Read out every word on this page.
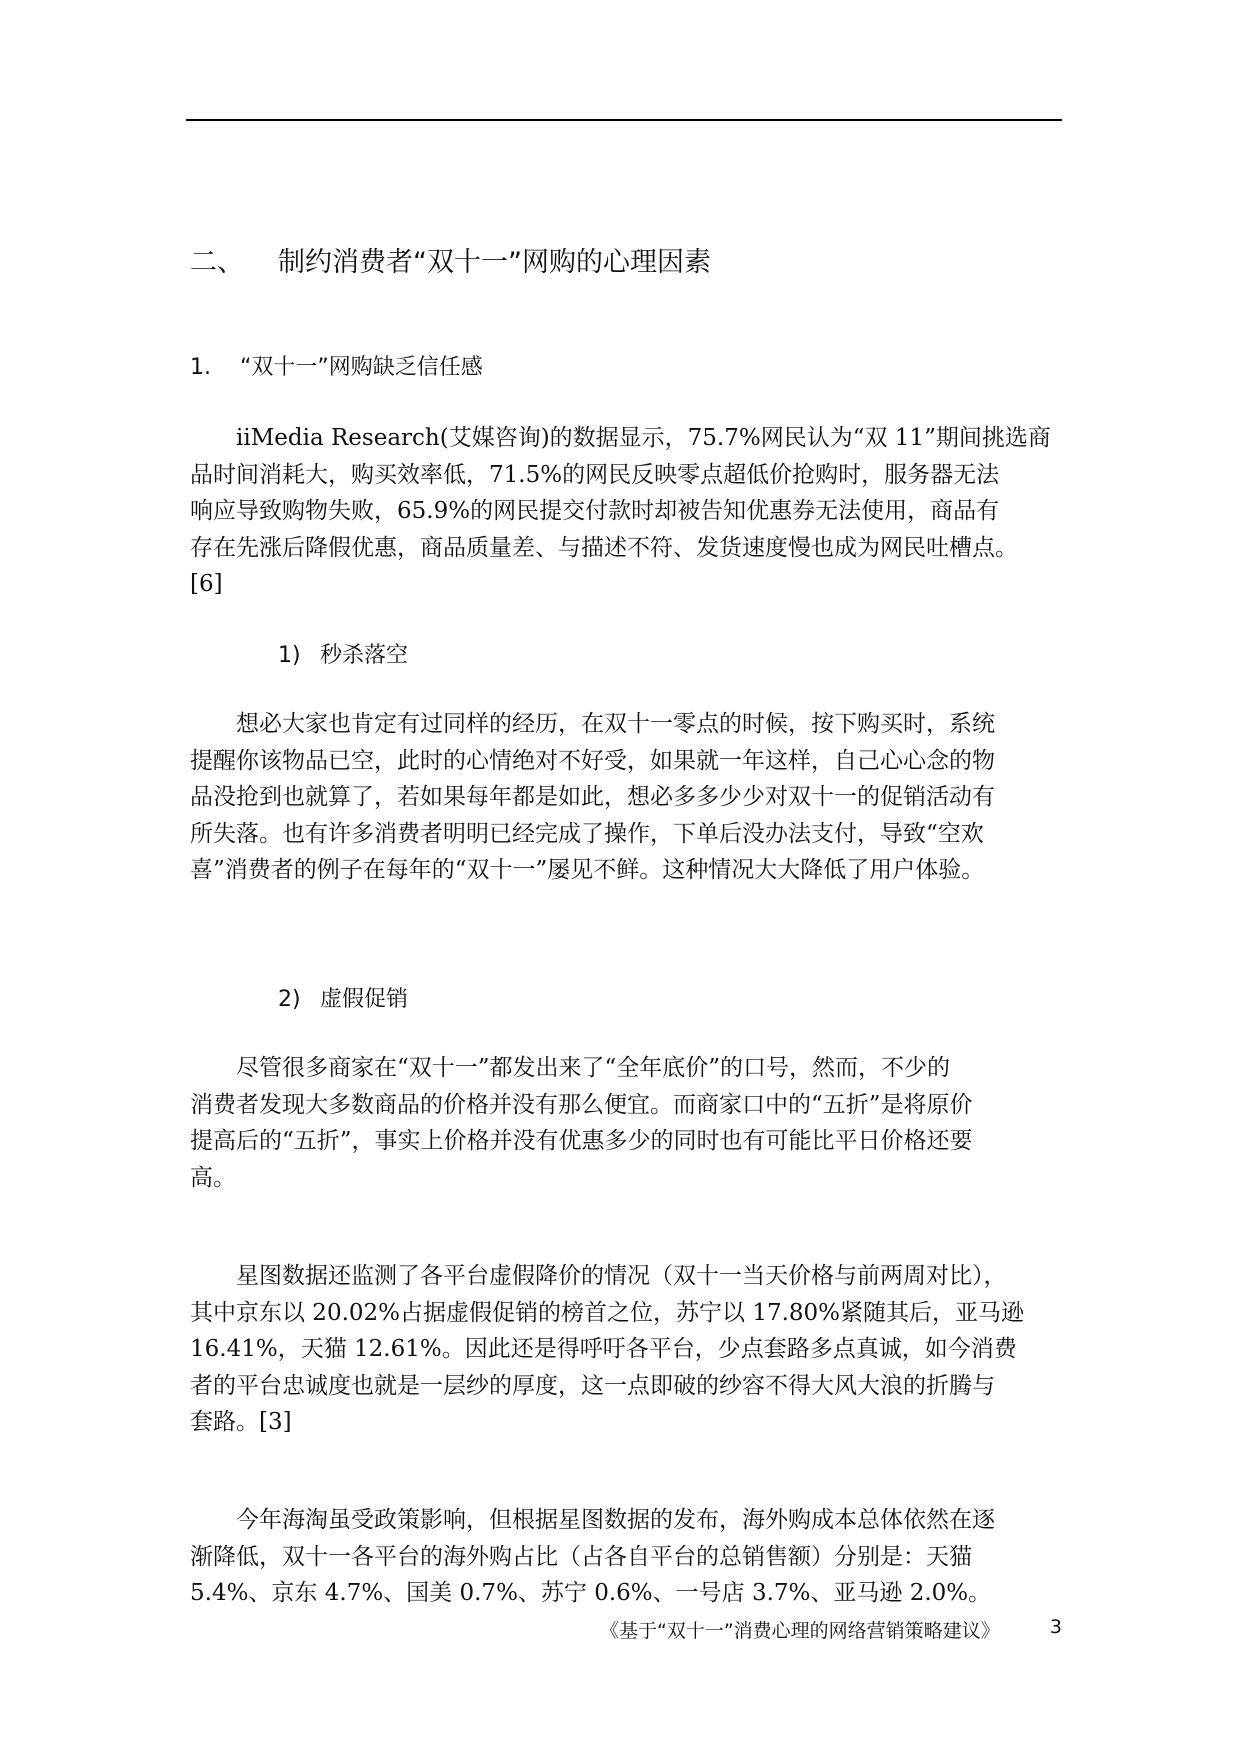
二、 制约消费者“双十一”网购的心理因素
1. “双十一”网购缺乏信任感
　　iiMedia Research(艾媒咨询)的数据显示，75.7%网民认为“双 11”期间挑选商
品时间消耗大，购买效率低，71.5%的网民反映零点超低价抢购时，服务器无法
响应导致购物失败，65.9%的网民提交付款时却被告知优惠券无法使用，商品有
存在先涨后降假优惠，商品质量差、与描述不符、发货速度慢也成为网民吐槽点。
[6]
1) 秒杀落空
　　想必大家也肯定有过同样的经历，在双十一零点的时候，按下购买时，系统
提醒你该物品已空，此时的心情绝对不好受，如果就一年这样，自己心心念的物
品没抢到也就算了，若如果每年都是如此，想必多多少少对双十一的促销活动有
所失落。也有许多消费者明明已经完成了操作，下单后没办法支付，导致“空欢
喜”消费者的例子在每年的“双十一”屡见不鲜。这种情况大大降低了用户体验。
2) 虚假促销
　　尽管很多商家在“双十一”都发出来了“全年底价”的口号，然而，不少的
消费者发现大多数商品的价格并没有那么便宜。而商家口中的“五折”是将原价
提高后的“五折”，事实上价格并没有优惠多少的同时也有可能比平日价格还要
高。
　　星图数据还监测了各平台虚假降价的情况（双十一当天价格与前两周对比），
其中京东以 20.02%占据虚假促销的榜首之位，苏宁以 17.80%紧随其后，亚马逊
16.41%，天猫 12.61%。因此还是得呼吁各平台，少点套路多点真诚，如今消费
者的平台忠诚度也就是一层纱的厚度，这一点即破的纱容不得大风大浪的折腾与
套路。[3]
　　今年海淘虽受政策影响，但根据星图数据的发布，海外购成本总体依然在逐
渐降低，双十一各平台的海外购占比（占各自平台的总销售额）分别是：天猫
5.4%、京东 4.7%、国美 0.7%、苏宁 0.6%、一号店 3.7%、亚马逊 2.0%。
《基于“双十一”消费心理的网络营销策略建议》	3
